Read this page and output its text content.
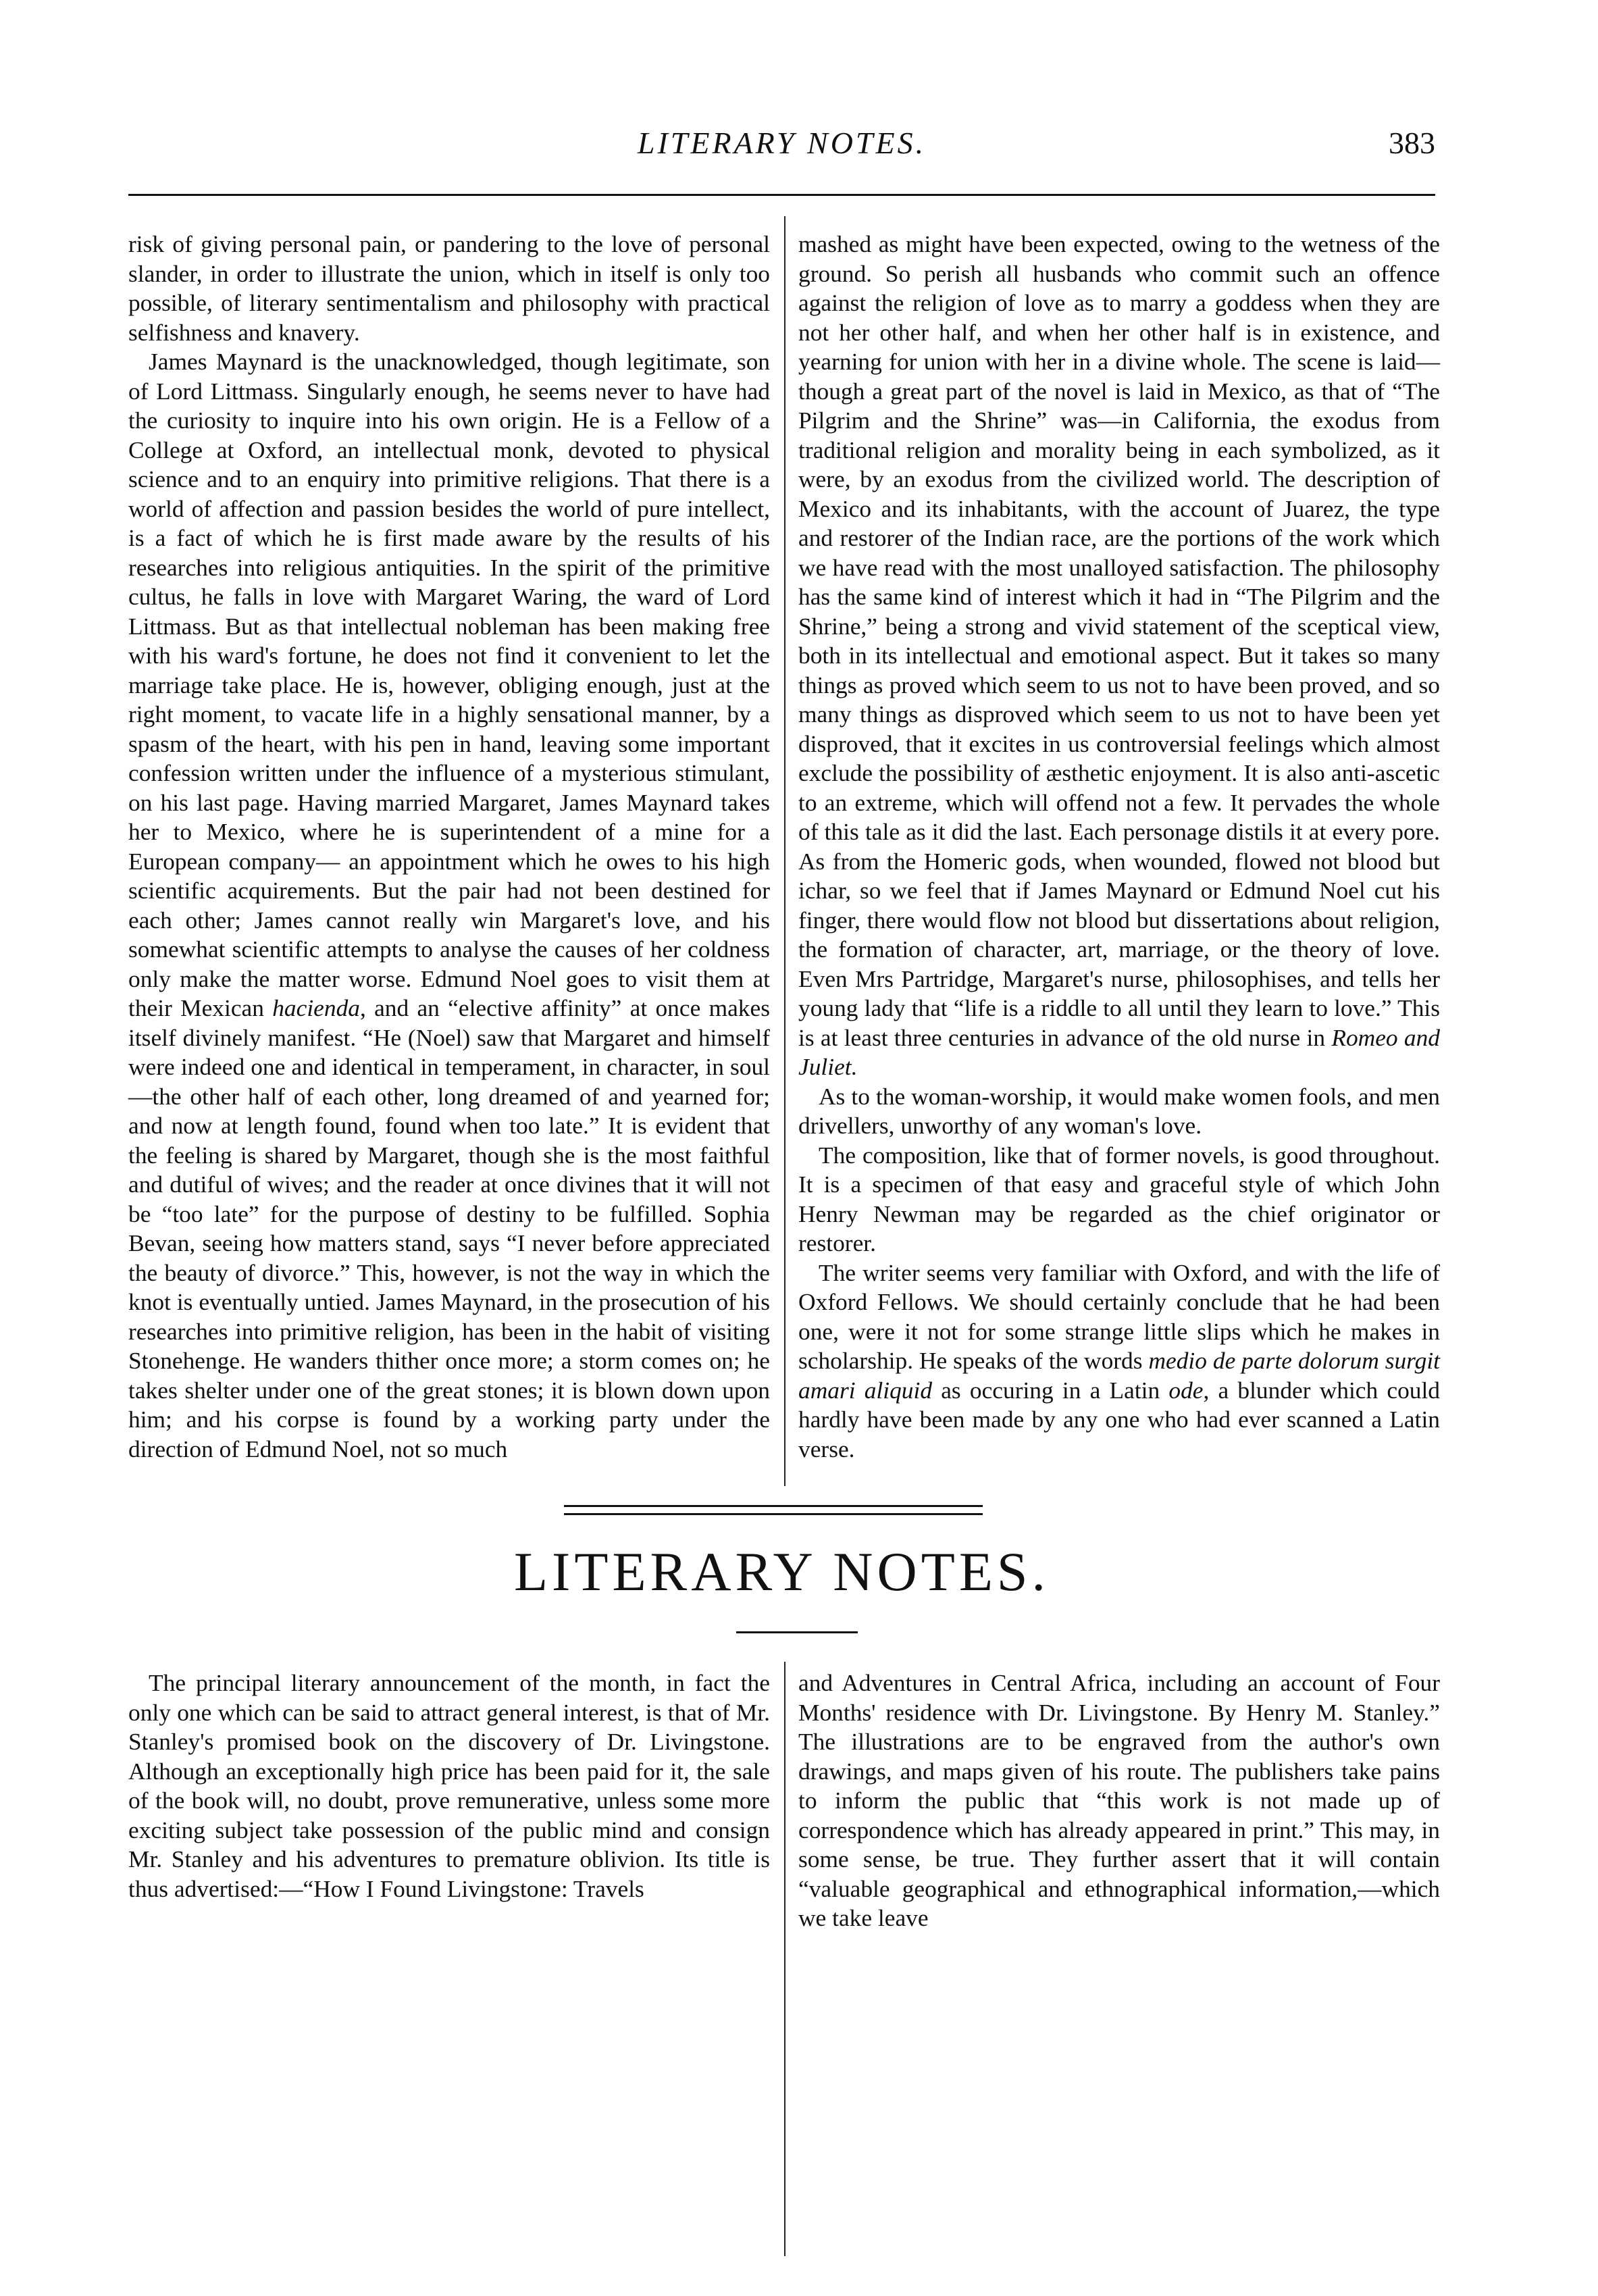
LITERARY NOTES.	383

risk of giving personal pain, or pandering to the love of personal slander, in order to illustrate the union, which in itself is only too possible, of literary sentimentalism and philosophy with practical selfishness and knavery.

James Maynard is the unacknowledged, though legitimate, son of Lord Littmass. Singularly enough, he seems never to have had the curiosity to inquire into his own origin. He is a Fellow of a College at Oxford, an intellectual monk, devoted to physical science and to an enquiry into primitive religions. That there is a world of affection and passion besides the world of pure intellect, is a fact of which he is first made aware by the results of his researches into religious antiquities. In the spirit of the primitive cultus, he falls in love with Margaret Waring, the ward of Lord Littmass. But as that intellectual nobleman has been making free with his ward's fortune, he does not find it convenient to let the marriage take place. He is, however, obliging enough, just at the right moment, to vacate life in a highly sensational manner, by a spasm of the heart, with his pen in hand, leaving some important confession written under the influence of a mysterious stimulant, on his last page. Having married Margaret, James Maynard takes her to Mexico, where he is superintendent of a mine for a European company— an appointment which he owes to his high scientific acquirements. But the pair had not been destined for each other; James cannot really win Margaret's love, and his somewhat scientific attempts to analyse the causes of her coldness only make the matter worse. Edmund Noel goes to visit them at their Mexican hacienda, and an “elective affinity” at once makes itself divinely manifest. “He (Noel) saw that Margaret and himself were indeed one and identical in temperament, in character, in soul—the other half of each other, long dreamed of and yearned for; and now at length found, found when too late.” It is evident that the feeling is shared by Margaret, though she is the most faithful and dutiful of wives; and the reader at once divines that it will not be “too late” for the purpose of destiny to be fulfilled. Sophia Bevan, seeing how matters stand, says “I never before appreciated the beauty of divorce.” This, however, is not the way in which the knot is eventually untied. James Maynard, in the prosecution of his researches into primitive religion, has been in the habit of visiting Stonehenge. He wanders thither once more; a storm comes on; he takes shelter under one of the great stones; it is blown down upon him; and his corpse is found by a working party under the direction of Edmund Noel, not so much

mashed as might have been expected, owing to the wetness of the ground. So perish all husbands who commit such an offence against the religion of love as to marry a goddess when they are not her other half, and when her other half is in existence, and yearning for union with her in a divine whole. The scene is laid—though a great part of the novel is laid in Mexico, as that of “The Pilgrim and the Shrine” was—in California, the exodus from traditional religion and morality being in each symbolized, as it were, by an exodus from the civilized world. The description of Mexico and its inhabitants, with the account of Juarez, the type and restorer of the Indian race, are the portions of the work which we have read with the most unalloyed satisfaction. The philosophy has the same kind of interest which it had in “The Pilgrim and the Shrine,” being a strong and vivid statement of the sceptical view, both in its intellectual and emotional aspect. But it takes so many things as proved which seem to us not to have been proved, and so many things as disproved which seem to us not to have been yet disproved, that it excites in us controversial feelings which almost exclude the possibility of æsthetic enjoyment. It is also anti-ascetic to an extreme, which will offend not a few. It pervades the whole of this tale as it did the last. Each personage distils it at every pore. As from the Homeric gods, when wounded, flowed not blood but ichar, so we feel that if James Maynard or Edmund Noel cut his finger, there would flow not blood but dissertations about religion, the formation of character, art, marriage, or the theory of love. Even Mrs Partridge, Margaret's nurse, philosophises, and tells her young lady that “life is a riddle to all until they learn to love.” This is at least three centuries in advance of the old nurse in Romeo and Juliet.

As to the woman-worship, it would make women fools, and men drivellers, unworthy of any woman's love.

The composition, like that of former novels, is good throughout. It is a specimen of that easy and graceful style of which John Henry Newman may be regarded as the chief originator or restorer.

The writer seems very familiar with Oxford, and with the life of Oxford Fellows. We should certainly conclude that he had been one, were it not for some strange little slips which he makes in scholarship. He speaks of the words medio de parte dolorum surgit amari aliquid as occuring in a Latin ode, a blunder which could hardly have been made by any one who had ever scanned a Latin verse.

LITERARY NOTES.

The principal literary announcement of the month, in fact the only one which can be said to attract general interest, is that of Mr. Stanley's promised book on the discovery of Dr. Livingstone. Although an exceptionally high price has been paid for it, the sale of the book will, no doubt, prove remunerative, unless some more exciting subject take possession of the public mind and consign Mr. Stanley and his adventures to premature oblivion. Its title is thus advertised:—“How I Found Livingstone: Travels

and Adventures in Central Africa, including an account of Four Months' residence with Dr. Livingstone. By Henry M. Stanley.” The illustrations are to be engraved from the author's own drawings, and maps given of his route. The publishers take pains to inform the public that “this work is not made up of correspondence which has already appeared in print.” This may, in some sense, be true. They further assert that it will contain “valuable geographical and ethnographical information,—which we take leave
